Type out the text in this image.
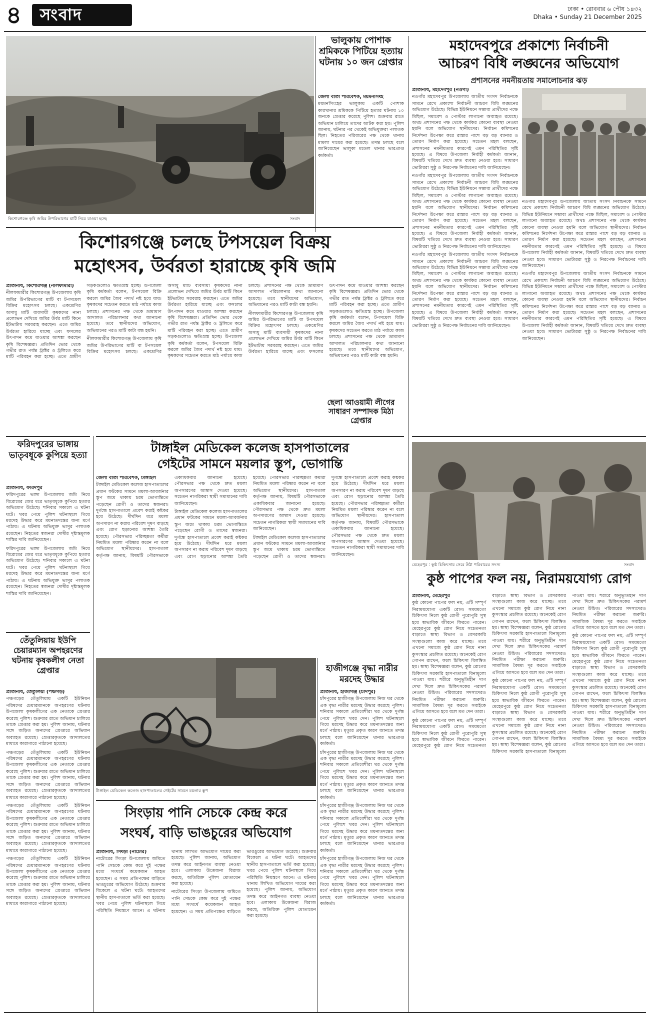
৪ সংবাদ	ঢাকা • রোববার ৬ পৌষ ১৪৩২
Dhaka • Sunday 21 December 2025
কিশোরগঞ্জে কৃষি জমির উপরিভাগের মাটি নিয়ে যাওয়া হচ্ছে	সংবাদ
ভালুকায় পোশাক শ্রমিককে পিটিয়ে হত্যায় ঘটনায় ১০ জন গ্রেপ্তার
জেলা বার্তা পরিবেশক, ময়মনসিংহ

ময়মনসিংহের ভালুকায় একটি পোশাক কারখানার শ্রমিককে পিটিয়ে হত্যার ঘটনায় ১০ জনকে গ্রেপ্তার করেছে পুলিশ। শুক্রবার রাতে অভিযান চালিয়ে তাদের আটক করা হয়। পুলিশ জানায়, ঘটনার পর থেকেই অভিযুক্তরা পলাতক ছিল। নিহতের পরিবারের পক্ষ থেকে থানায় মামলা দায়ের করা হয়েছে। তদন্ত চলছে বলে জানিয়েছেন ভালুকা মডেল থানার ভারপ্রাপ্ত কর্মকর্তা।

মহাদেবপুরে প্রকাশ্যে নির্বাচনী
আচরণ বিধি লঙ্ঘনের অভিযোগ
প্রশাসনের নমনীয়তায় সমালোচনার ঝড়
প্রতিনিধি, মহাদেবপুর (নওগাঁ)

নওগাঁর মহাদেবপুর উপজেলায় জাতীয় সংসদ নির্বাচনকে সামনে রেখে প্রকাশ্যে নির্বাচনী আচরণ বিধি লঙ্ঘনের অভিযোগ উঠেছে। বিভিন্ন ইউনিয়নে সম্ভাব্য প্রার্থীদের পক্ষে মিছিল, সমাবেশ ও পোস্টার লাগানো অব্যাহত রয়েছে। অথচ প্রশাসনের পক্ষ থেকে কার্যকর কোনো ব্যবস্থা নেওয়া হয়নি বলে অভিযোগ স্থানীয়দের। নির্বাচন কমিশনের নির্দেশনা উপেক্ষা করে রাস্তার পাশে বড় বড় ব্যানার ও তোরণ নির্মাণ করা হয়েছে। সচেতন মহল বলছেন, প্রশাসনের নমনীয়তার কারণেই এমন পরিস্থিতির সৃষ্টি হয়েছে। এ বিষয়ে উপজেলা নির্বাহী কর্মকর্তা জানান, বিষয়টি খতিয়ে দেখে দ্রুত ব্যবস্থা নেওয়া হবে। সাধারণ ভোটাররা সুষ্ঠু ও নিরপেক্ষ নির্বাচনের দাবি জানিয়েছেন।

নওগাঁর মহাদেবপুর উপজেলায় জাতীয় সংসদ নির্বাচনকে সামনে রেখে প্রকাশ্যে নির্বাচনী আচরণ বিধি লঙ্ঘনের অভিযোগ উঠেছে। বিভিন্ন ইউনিয়নে সম্ভাব্য প্রার্থীদের পক্ষে মিছিল, সমাবেশ ও পোস্টার লাগানো অব্যাহত রয়েছে। অথচ প্রশাসনের পক্ষ থেকে কার্যকর কোনো ব্যবস্থা নেওয়া হয়নি বলে অভিযোগ স্থানীয়দের। নির্বাচন কমিশনের নির্দেশনা উপেক্ষা করে রাস্তার পাশে বড় বড় ব্যানার ও তোরণ নির্মাণ করা হয়েছে। সচেতন মহল বলছেন, প্রশাসনের নমনীয়তার কারণেই এমন পরিস্থিতির সৃষ্টি হয়েছে। এ বিষয়ে উপজেলা নির্বাহী কর্মকর্তা জানান, বিষয়টি খতিয়ে দেখে দ্রুত ব্যবস্থা নেওয়া হবে। সাধারণ ভোটাররা সুষ্ঠু ও নিরপেক্ষ নির্বাচনের দাবি জানিয়েছেন।

নওগাঁর মহাদেবপুর উপজেলায় জাতীয় সংসদ নির্বাচনকে সামনে রেখে প্রকাশ্যে নির্বাচনী আচরণ বিধি লঙ্ঘনের অভিযোগ উঠেছে। বিভিন্ন ইউনিয়নে সম্ভাব্য প্রার্থীদের পক্ষে মিছিল, সমাবেশ ও পোস্টার লাগানো অব্যাহত রয়েছে। অথচ প্রশাসনের পক্ষ থেকে কার্যকর কোনো ব্যবস্থা নেওয়া হয়নি বলে অভিযোগ স্থানীয়দের। নির্বাচন কমিশনের নির্দেশনা উপেক্ষা করে রাস্তার পাশে বড় বড় ব্যানার ও তোরণ নির্মাণ করা হয়েছে। সচেতন মহল বলছেন, প্রশাসনের নমনীয়তার কারণেই এমন পরিস্থিতির সৃষ্টি হয়েছে। এ বিষয়ে উপজেলা নির্বাহী কর্মকর্তা জানান, বিষয়টি খতিয়ে দেখে দ্রুত ব্যবস্থা নেওয়া হবে। সাধারণ ভোটাররা সুষ্ঠু ও নিরপেক্ষ নির্বাচনের দাবি জানিয়েছেন।

নওগাঁর মহাদেবপুর উপজেলায় জাতীয় সংসদ নির্বাচনকে সামনে রেখে প্রকাশ্যে নির্বাচনী আচরণ বিধি লঙ্ঘনের অভিযোগ উঠেছে। বিভিন্ন ইউনিয়নে সম্ভাব্য প্রার্থীদের পক্ষে মিছিল, সমাবেশ ও পোস্টার লাগানো অব্যাহত রয়েছে। অথচ প্রশাসনের পক্ষ থেকে কার্যকর কোনো ব্যবস্থা নেওয়া হয়নি বলে অভিযোগ স্থানীয়দের। নির্বাচন কমিশনের নির্দেশনা উপেক্ষা করে রাস্তার পাশে বড় বড় ব্যানার ও তোরণ নির্মাণ করা হয়েছে। সচেতন মহল বলছেন, প্রশাসনের নমনীয়তার কারণেই এমন পরিস্থিতির সৃষ্টি হয়েছে। এ বিষয়ে উপজেলা নির্বাহী কর্মকর্তা জানান, বিষয়টি খতিয়ে দেখে দ্রুত ব্যবস্থা নেওয়া হবে। সাধারণ ভোটাররা সুষ্ঠু ও নিরপেক্ষ নির্বাচনের দাবি জানিয়েছেন।

নওগাঁর মহাদেবপুর উপজেলায় জাতীয় সংসদ নির্বাচনকে সামনে রেখে প্রকাশ্যে নির্বাচনী আচরণ বিধি লঙ্ঘনের অভিযোগ উঠেছে। বিভিন্ন ইউনিয়নে সম্ভাব্য প্রার্থীদের পক্ষে মিছিল, সমাবেশ ও পোস্টার লাগানো অব্যাহত রয়েছে। অথচ প্রশাসনের পক্ষ থেকে কার্যকর কোনো ব্যবস্থা নেওয়া হয়নি বলে অভিযোগ স্থানীয়দের। নির্বাচন কমিশনের নির্দেশনা উপেক্ষা করে রাস্তার পাশে বড় বড় ব্যানার ও তোরণ নির্মাণ করা হয়েছে। সচেতন মহল বলছেন, প্রশাসনের নমনীয়তার কারণেই এমন পরিস্থিতির সৃষ্টি হয়েছে। এ বিষয়ে উপজেলা নির্বাহী কর্মকর্তা জানান, বিষয়টি খতিয়ে দেখে দ্রুত ব্যবস্থা নেওয়া হবে। সাধারণ ভোটাররা সুষ্ঠু ও নিরপেক্ষ নির্বাচনের দাবি জানিয়েছেন।

কিশোরগঞ্জে চলছে টপসয়েল বিক্রয়
মহোৎসব, উর্বরতা হারাচ্ছে কৃষি জমি
প্রতিনিধি, কিশোরগঞ্জ (নীলফামারী)

নীলফামারীর কিশোরগঞ্জ উপজেলায় কৃষি জমির উপরিভাগের মাটি বা টপসয়েল বিক্রির মহোৎসব চলছে। একশ্রেণির অসাধু মাটি ব্যবসায়ী কৃষকদের নানা প্রলোভন দেখিয়ে জমির উর্বর মাটি কিনে ইটভাটায় সরবরাহ করছেন। এতে জমির উর্বরতা হারিয়ে যাচ্ছে এবং ফসলের উৎপাদন কমে যাওয়ার আশঙ্কা করছেন কৃষি বিশেষজ্ঞরা। প্রতিদিন ভোর থেকে গভীর রাত পর্যন্ত ট্রাক্টর ও ট্রলিতে করে মাটি পরিবহন করা হচ্ছে। এতে গ্রামীণ সড়কগুলোও ক্ষতিগ্রস্ত হচ্ছে। উপজেলা কৃষি কর্মকর্তা বলেন, টপসয়েল বিক্রি করলে জমির জৈব পদার্থ নষ্ট হয়ে যায়। কৃষকদের সচেতন করতে মাঠ পর্যায়ে কাজ চলছে। প্রশাসনের পক্ষ থেকে ভ্রাম্যমাণ আদালত পরিচালনার কথা জানানো হয়েছে। তবে স্থানীয়দের অভিযোগ, অভিযানের পরও মাটি কাটা বন্ধ হয়নি।

নীলফামারীর কিশোরগঞ্জ উপজেলায় কৃষি জমির উপরিভাগের মাটি বা টপসয়েল বিক্রির মহোৎসব চলছে। একশ্রেণির অসাধু মাটি ব্যবসায়ী কৃষকদের নানা প্রলোভন দেখিয়ে জমির উর্বর মাটি কিনে ইটভাটায় সরবরাহ করছেন। এতে জমির উর্বরতা হারিয়ে যাচ্ছে এবং ফসলের উৎপাদন কমে যাওয়ার আশঙ্কা করছেন কৃষি বিশেষজ্ঞরা। প্রতিদিন ভোর থেকে গভীর রাত পর্যন্ত ট্রাক্টর ও ট্রলিতে করে মাটি পরিবহন করা হচ্ছে। এতে গ্রামীণ সড়কগুলোও ক্ষতিগ্রস্ত হচ্ছে। উপজেলা কৃষি কর্মকর্তা বলেন, টপসয়েল বিক্রি করলে জমির জৈব পদার্থ নষ্ট হয়ে যায়। কৃষকদের সচেতন করতে মাঠ পর্যায়ে কাজ চলছে। প্রশাসনের পক্ষ থেকে ভ্রাম্যমাণ আদালত পরিচালনার কথা জানানো হয়েছে। তবে স্থানীয়দের অভিযোগ, অভিযানের পরও মাটি কাটা বন্ধ হয়নি।

নীলফামারীর কিশোরগঞ্জ উপজেলায় কৃষি জমির উপরিভাগের মাটি বা টপসয়েল বিক্রির মহোৎসব চলছে। একশ্রেণির অসাধু মাটি ব্যবসায়ী কৃষকদের নানা প্রলোভন দেখিয়ে জমির উর্বর মাটি কিনে ইটভাটায় সরবরাহ করছেন। এতে জমির উর্বরতা হারিয়ে যাচ্ছে এবং ফসলের উৎপাদন কমে যাওয়ার আশঙ্কা করছেন কৃষি বিশেষজ্ঞরা। প্রতিদিন ভোর থেকে গভীর রাত পর্যন্ত ট্রাক্টর ও ট্রলিতে করে মাটি পরিবহন করা হচ্ছে। এতে গ্রামীণ সড়কগুলোও ক্ষতিগ্রস্ত হচ্ছে। উপজেলা কৃষি কর্মকর্তা বলেন, টপসয়েল বিক্রি করলে জমির জৈব পদার্থ নষ্ট হয়ে যায়। কৃষকদের সচেতন করতে মাঠ পর্যায়ে কাজ চলছে। প্রশাসনের পক্ষ থেকে ভ্রাম্যমাণ আদালত পরিচালনার কথা জানানো হয়েছে। তবে স্থানীয়দের অভিযোগ, অভিযানের পরও মাটি কাটা বন্ধ হয়নি।

ছেলা আওয়ামী লীগের সাধারণ সম্পাদক মিঠা গ্রেপ্তার
ফরিদপুরের ভাঙ্গায় ভাতৃবধূকে কুপিয়ে হত্যা
প্রতিনিধি, ফরিদপুর

ফরিদপুরের ভাঙ্গা উপজেলায় জমি নিয়ে বিরোধের জের ধরে ভাতৃবধূকে কুপিয়ে হত্যার অভিযোগ উঠেছে। শনিবার সকালে এ ঘটনা ঘটে। খবর পেয়ে পুলিশ ঘটনাস্থলে গিয়ে মরদেহ উদ্ধার করে ময়নাতদন্তের জন্য মর্গে পাঠায়। এ ঘটনায় অভিযুক্ত ভাসুর পলাতক রয়েছেন। নিহতের স্বজনরা দোষীর দৃষ্টান্তমূলক শাস্তির দাবি জানিয়েছেন।

ফরিদপুরের ভাঙ্গা উপজেলায় জমি নিয়ে বিরোধের জের ধরে ভাতৃবধূকে কুপিয়ে হত্যার অভিযোগ উঠেছে। শনিবার সকালে এ ঘটনা ঘটে। খবর পেয়ে পুলিশ ঘটনাস্থলে গিয়ে মরদেহ উদ্ধার করে ময়নাতদন্তের জন্য মর্গে পাঠায়। এ ঘটনায় অভিযুক্ত ভাসুর পলাতক রয়েছেন। নিহতের স্বজনরা দোষীর দৃষ্টান্তমূলক শাস্তির দাবি জানিয়েছেন।

তেঁতুলিয়ায় ইউপি চেয়ারম্যান অপহরণের ঘটনায় কৃষকলীগ নেতা গ্রেপ্তার
প্রতিনিধি, তেঁতুলিয়া (পঞ্চগড়)

পঞ্চগড়ের তেঁতুলিয়ায় একটি ইউনিয়ন পরিষদের চেয়ারম্যানকে অপহরণের ঘটনায় উপজেলা কৃষকলীগের এক নেতাকে গ্রেপ্তার করেছে পুলিশ। শুক্রবার রাতে অভিযান চালিয়ে তাকে গ্রেপ্তার করা হয়। পুলিশ জানায়, ঘটনার সঙ্গে জড়িত অন্যদের গ্রেপ্তারে অভিযান অব্যাহত রয়েছে। গ্রেপ্তারকৃতকে আদালতের মাধ্যমে কারাগারে পাঠানো হয়েছে।

পঞ্চগড়ের তেঁতুলিয়ায় একটি ইউনিয়ন পরিষদের চেয়ারম্যানকে অপহরণের ঘটনায় উপজেলা কৃষকলীগের এক নেতাকে গ্রেপ্তার করেছে পুলিশ। শুক্রবার রাতে অভিযান চালিয়ে তাকে গ্রেপ্তার করা হয়। পুলিশ জানায়, ঘটনার সঙ্গে জড়িত অন্যদের গ্রেপ্তারে অভিযান অব্যাহত রয়েছে। গ্রেপ্তারকৃতকে আদালতের মাধ্যমে কারাগারে পাঠানো হয়েছে।

পঞ্চগড়ের তেঁতুলিয়ায় একটি ইউনিয়ন পরিষদের চেয়ারম্যানকে অপহরণের ঘটনায় উপজেলা কৃষকলীগের এক নেতাকে গ্রেপ্তার করেছে পুলিশ। শুক্রবার রাতে অভিযান চালিয়ে তাকে গ্রেপ্তার করা হয়। পুলিশ জানায়, ঘটনার সঙ্গে জড়িত অন্যদের গ্রেপ্তারে অভিযান অব্যাহত রয়েছে। গ্রেপ্তারকৃতকে আদালতের মাধ্যমে কারাগারে পাঠানো হয়েছে।

পঞ্চগড়ের তেঁতুলিয়ায় একটি ইউনিয়ন পরিষদের চেয়ারম্যানকে অপহরণের ঘটনায় উপজেলা কৃষকলীগের এক নেতাকে গ্রেপ্তার করেছে পুলিশ। শুক্রবার রাতে অভিযান চালিয়ে তাকে গ্রেপ্তার করা হয়। পুলিশ জানায়, ঘটনার সঙ্গে জড়িত অন্যদের গ্রেপ্তারে অভিযান অব্যাহত রয়েছে। গ্রেপ্তারকৃতকে আদালতের মাধ্যমে কারাগারে পাঠানো হয়েছে।

টাঙ্গাইল মেডিকেল কলেজ হাসপাতালের
গেইটের সামনে ময়লার স্তূপ, ভোগান্তি
জেলা বার্তা পরিবেশক, টাঙ্গাইল

টাঙ্গাইল মেডিকেল কলেজ হাসপাতালের প্রধান ফটকের সামনে ময়লা-আবর্জনার স্তূপ জমে থাকায় চরম ভোগান্তিতে পড়েছেন রোগী ও তাদের স্বজনরা। দুর্গন্ধে হাসপাতালে প্রবেশ করাই কষ্টকর হয়ে উঠেছে। দীর্ঘদিন ধরে ময়লা অপসারণ না করায় পরিবেশ দূষণ বাড়ছে এবং রোগ ছড়ানোর আশঙ্কা তৈরি হয়েছে। পৌরসভার পরিচ্ছন্নতা কর্মীরা নিয়মিত ময়লা পরিষ্কার করেন না বলে অভিযোগ স্থানীয়দের। হাসপাতাল কর্তৃপক্ষ জানায়, বিষয়টি পৌরসভাকে একাধিকবার জানানো হয়েছে। পৌরসভার পক্ষ থেকে দ্রুত ময়লা অপসারণের আশ্বাস দেওয়া হয়েছে। সচেতন নাগরিকরা স্থায়ী সমাধানের দাবি জানিয়েছেন।

টাঙ্গাইল মেডিকেল কলেজ হাসপাতালের প্রধান ফটকের সামনে ময়লা-আবর্জনার স্তূপ জমে থাকায় চরম ভোগান্তিতে পড়েছেন রোগী ও তাদের স্বজনরা। দুর্গন্ধে হাসপাতালে প্রবেশ করাই কষ্টকর হয়ে উঠেছে। দীর্ঘদিন ধরে ময়লা অপসারণ না করায় পরিবেশ দূষণ বাড়ছে এবং রোগ ছড়ানোর আশঙ্কা তৈরি হয়েছে। পৌরসভার পরিচ্ছন্নতা কর্মীরা নিয়মিত ময়লা পরিষ্কার করেন না বলে অভিযোগ স্থানীয়দের। হাসপাতাল কর্তৃপক্ষ জানায়, বিষয়টি পৌরসভাকে একাধিকবার জানানো হয়েছে। পৌরসভার পক্ষ থেকে দ্রুত ময়লা অপসারণের আশ্বাস দেওয়া হয়েছে। সচেতন নাগরিকরা স্থায়ী সমাধানের দাবি জানিয়েছেন।

টাঙ্গাইল মেডিকেল কলেজ হাসপাতালের প্রধান ফটকের সামনে ময়লা-আবর্জনার স্তূপ জমে থাকায় চরম ভোগান্তিতে পড়েছেন রোগী ও তাদের স্বজনরা। দুর্গন্ধে হাসপাতালে প্রবেশ করাই কষ্টকর হয়ে উঠেছে। দীর্ঘদিন ধরে ময়লা অপসারণ না করায় পরিবেশ দূষণ বাড়ছে এবং রোগ ছড়ানোর আশঙ্কা তৈরি হয়েছে। পৌরসভার পরিচ্ছন্নতা কর্মীরা নিয়মিত ময়লা পরিষ্কার করেন না বলে অভিযোগ স্থানীয়দের। হাসপাতাল কর্তৃপক্ষ জানায়, বিষয়টি পৌরসভাকে একাধিকবার জানানো হয়েছে। পৌরসভার পক্ষ থেকে দ্রুত ময়লা অপসারণের আশ্বাস দেওয়া হয়েছে। সচেতন নাগরিকরা স্থায়ী সমাধানের দাবি জানিয়েছেন।

টাঙ্গাইল মেডিকেল কলেজ হাসপাতালের গেইটের সামনে ময়লার স্তূপ
হাজীগঞ্জে বৃদ্ধা নারীর মরদেহ উদ্ধার
প্রতিনিধি, হাজীগঞ্জ (চাঁদপুর)

চাঁদপুরের হাজীগঞ্জ উপজেলায় নিজ ঘর থেকে এক বৃদ্ধা নারীর মরদেহ উদ্ধার করেছে পুলিশ। শনিবার সকালে প্রতিবেশীরা ঘর থেকে দুর্গন্ধ পেয়ে পুলিশে খবর দেন। পুলিশ ঘটনাস্থলে গিয়ে মরদেহ উদ্ধার করে ময়নাতদন্তের জন্য মর্গে পাঠায়। মৃত্যুর প্রকৃত কারণ জানতে তদন্ত চলছে বলে জানিয়েছেন থানার ভারপ্রাপ্ত কর্মকর্তা।

চাঁদপুরের হাজীগঞ্জ উপজেলায় নিজ ঘর থেকে এক বৃদ্ধা নারীর মরদেহ উদ্ধার করেছে পুলিশ। শনিবার সকালে প্রতিবেশীরা ঘর থেকে দুর্গন্ধ পেয়ে পুলিশে খবর দেন। পুলিশ ঘটনাস্থলে গিয়ে মরদেহ উদ্ধার করে ময়নাতদন্তের জন্য মর্গে পাঠায়। মৃত্যুর প্রকৃত কারণ জানতে তদন্ত চলছে বলে জানিয়েছেন থানার ভারপ্রাপ্ত কর্মকর্তা।

চাঁদপুরের হাজীগঞ্জ উপজেলায় নিজ ঘর থেকে এক বৃদ্ধা নারীর মরদেহ উদ্ধার করেছে পুলিশ। শনিবার সকালে প্রতিবেশীরা ঘর থেকে দুর্গন্ধ পেয়ে পুলিশে খবর দেন। পুলিশ ঘটনাস্থলে গিয়ে মরদেহ উদ্ধার করে ময়নাতদন্তের জন্য মর্গে পাঠায়। মৃত্যুর প্রকৃত কারণ জানতে তদন্ত চলছে বলে জানিয়েছেন থানার ভারপ্রাপ্ত কর্মকর্তা।

চাঁদপুরের হাজীগঞ্জ উপজেলায় নিজ ঘর থেকে এক বৃদ্ধা নারীর মরদেহ উদ্ধার করেছে পুলিশ। শনিবার সকালে প্রতিবেশীরা ঘর থেকে দুর্গন্ধ পেয়ে পুলিশে খবর দেন। পুলিশ ঘটনাস্থলে গিয়ে মরদেহ উদ্ধার করে ময়নাতদন্তের জন্য মর্গে পাঠায়। মৃত্যুর প্রকৃত কারণ জানতে তদন্ত চলছে বলে জানিয়েছেন থানার ভারপ্রাপ্ত কর্মকর্তা।

সিংড়ায় পানি সেচকে কেন্দ্র করে
সংঘর্ষ, বাড়ি ভাঙচুরের অভিযোগ
প্রতিনিধি, সিংড়া (নাটোর)

নাটোরের সিংড়া উপজেলায় জমিতে পানি সেচকে কেন্দ্র করে দুই পক্ষের মধ্যে সংঘর্ষে কয়েকজন আহত হয়েছেন। এ সময় প্রতিপক্ষের বাড়িতে ভাঙচুরের অভিযোগ উঠেছে। শুক্রবার বিকেলে এ ঘটনা ঘটে। আহতদের স্থানীয় হাসপাতালে ভর্তি করা হয়েছে। খবর পেয়ে পুলিশ ঘটনাস্থলে গিয়ে পরিস্থিতি নিয়ন্ত্রণে আনে। এ ঘটনায় থানায় লিখিত অভিযোগ দায়ের করা হয়েছে। পুলিশ জানায়, অভিযোগ তদন্ত করে আইনগত ব্যবস্থা নেওয়া হবে। এলাকায় উত্তেজনা বিরাজ করছে, অতিরিক্ত পুলিশ মোতায়েন করা হয়েছে।

নাটোরের সিংড়া উপজেলায় জমিতে পানি সেচকে কেন্দ্র করে দুই পক্ষের মধ্যে সংঘর্ষে কয়েকজন আহত হয়েছেন। এ সময় প্রতিপক্ষের বাড়িতে ভাঙচুরের অভিযোগ উঠেছে। শুক্রবার বিকেলে এ ঘটনা ঘটে। আহতদের স্থানীয় হাসপাতালে ভর্তি করা হয়েছে। খবর পেয়ে পুলিশ ঘটনাস্থলে গিয়ে পরিস্থিতি নিয়ন্ত্রণে আনে। এ ঘটনায় থানায় লিখিত অভিযোগ দায়ের করা হয়েছে। পুলিশ জানায়, অভিযোগ তদন্ত করে আইনগত ব্যবস্থা নেওয়া হবে। এলাকায় উত্তেজনা বিরাজ করছে, অতিরিক্ত পুলিশ মোতায়েন করা হয়েছে।

মেহেরপুর : কুষ্ঠ চিকিৎসায় সেরে উঠা পরিবারের সদস্য	সংবাদ
কুষ্ঠ পাপের ফল নয়, নিরাময়যোগ্য রোগ
প্রতিনিধি, মেহেরপুর

কুষ্ঠ কোনো পাপের ফল নয়, এটি সম্পূর্ণ নিরাময়যোগ্য একটি রোগ। সময়মতো চিকিৎসা নিলে কুষ্ঠ রোগী পুরোপুরি সুস্থ হয়ে স্বাভাবিক জীবনে ফিরতে পারেন। মেহেরপুরে কুষ্ঠ রোগ নিয়ে সচেতনতা বাড়াতে স্বাস্থ্য বিভাগ ও বেসরকারি সংস্থাগুলো কাজ করে যাচ্ছে। তবে এখনো সমাজে কুষ্ঠ রোগ নিয়ে নানা কুসংস্কার প্রচলিত রয়েছে। অনেকেই রোগ গোপন রাখেন, ফলে চিকিৎসা বিলম্বিত হয়। স্বাস্থ্য বিশেষজ্ঞরা বলেন, কুষ্ঠ রোগের চিকিৎসা সরকারি হাসপাতালে বিনামূল্যে পাওয়া যায়। শরীরে অনুভূতিহীন দাগ দেখা দিলে দ্রুত চিকিৎসকের পরামর্শ নেওয়া উচিত। পরিবারের সদস্যদেরও নিয়মিত পরীক্ষা করানো জরুরি। সামাজিক বৈষম্য দূর করতে সবাইকে এগিয়ে আসতে হবে বলে মত দেন তারা।

কুষ্ঠ কোনো পাপের ফল নয়, এটি সম্পূর্ণ নিরাময়যোগ্য একটি রোগ। সময়মতো চিকিৎসা নিলে কুষ্ঠ রোগী পুরোপুরি সুস্থ হয়ে স্বাভাবিক জীবনে ফিরতে পারেন। মেহেরপুরে কুষ্ঠ রোগ নিয়ে সচেতনতা বাড়াতে স্বাস্থ্য বিভাগ ও বেসরকারি সংস্থাগুলো কাজ করে যাচ্ছে। তবে এখনো সমাজে কুষ্ঠ রোগ নিয়ে নানা কুসংস্কার প্রচলিত রয়েছে। অনেকেই রোগ গোপন রাখেন, ফলে চিকিৎসা বিলম্বিত হয়। স্বাস্থ্য বিশেষজ্ঞরা বলেন, কুষ্ঠ রোগের চিকিৎসা সরকারি হাসপাতালে বিনামূল্যে পাওয়া যায়। শরীরে অনুভূতিহীন দাগ দেখা দিলে দ্রুত চিকিৎসকের পরামর্শ নেওয়া উচিত। পরিবারের সদস্যদেরও নিয়মিত পরীক্ষা করানো জরুরি। সামাজিক বৈষম্য দূর করতে সবাইকে এগিয়ে আসতে হবে বলে মত দেন তারা।

কুষ্ঠ কোনো পাপের ফল নয়, এটি সম্পূর্ণ নিরাময়যোগ্য একটি রোগ। সময়মতো চিকিৎসা নিলে কুষ্ঠ রোগী পুরোপুরি সুস্থ হয়ে স্বাভাবিক জীবনে ফিরতে পারেন। মেহেরপুরে কুষ্ঠ রোগ নিয়ে সচেতনতা বাড়াতে স্বাস্থ্য বিভাগ ও বেসরকারি সংস্থাগুলো কাজ করে যাচ্ছে। তবে এখনো সমাজে কুষ্ঠ রোগ নিয়ে নানা কুসংস্কার প্রচলিত রয়েছে। অনেকেই রোগ গোপন রাখেন, ফলে চিকিৎসা বিলম্বিত হয়। স্বাস্থ্য বিশেষজ্ঞরা বলেন, কুষ্ঠ রোগের চিকিৎসা সরকারি হাসপাতালে বিনামূল্যে পাওয়া যায়। শরীরে অনুভূতিহীন দাগ দেখা দিলে দ্রুত চিকিৎসকের পরামর্শ নেওয়া উচিত। পরিবারের সদস্যদেরও নিয়মিত পরীক্ষা করানো জরুরি। সামাজিক বৈষম্য দূর করতে সবাইকে এগিয়ে আসতে হবে বলে মত দেন তারা।

কুষ্ঠ কোনো পাপের ফল নয়, এটি সম্পূর্ণ নিরাময়যোগ্য একটি রোগ। সময়মতো চিকিৎসা নিলে কুষ্ঠ রোগী পুরোপুরি সুস্থ হয়ে স্বাভাবিক জীবনে ফিরতে পারেন। মেহেরপুরে কুষ্ঠ রোগ নিয়ে সচেতনতা বাড়াতে স্বাস্থ্য বিভাগ ও বেসরকারি সংস্থাগুলো কাজ করে যাচ্ছে। তবে এখনো সমাজে কুষ্ঠ রোগ নিয়ে নানা কুসংস্কার প্রচলিত রয়েছে। অনেকেই রোগ গোপন রাখেন, ফলে চিকিৎসা বিলম্বিত হয়। স্বাস্থ্য বিশেষজ্ঞরা বলেন, কুষ্ঠ রোগের চিকিৎসা সরকারি হাসপাতালে বিনামূল্যে পাওয়া যায়। শরীরে অনুভূতিহীন দাগ দেখা দিলে দ্রুত চিকিৎসকের পরামর্শ নেওয়া উচিত। পরিবারের সদস্যদেরও নিয়মিত পরীক্ষা করানো জরুরি। সামাজিক বৈষম্য দূর করতে সবাইকে এগিয়ে আসতে হবে বলে মত দেন তারা।
